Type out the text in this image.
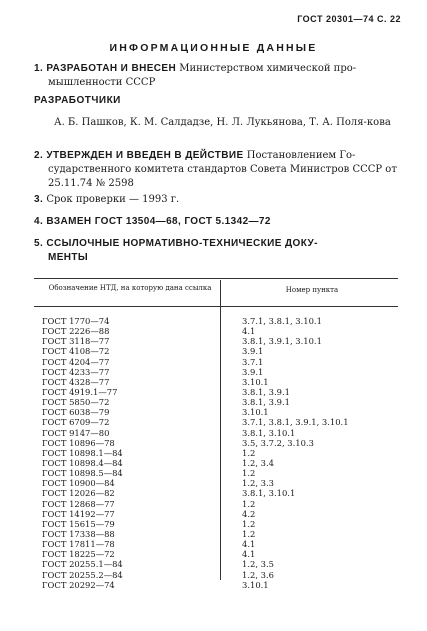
ГОСТ 20301—74 С. 22
ИНФОРМАЦИОННЫЕ ДАННЫЕ
1. РАЗРАБОТАН И ВНЕСЕН Министерством химической про-
мышленности СССР
РАЗРАБОТЧИКИ
А. Б. Пашков, К. М. Салдадзе, Н. Л. Лукьянова, Т. А. Поля-кова
2. УТВЕРЖДЕН И ВВЕДЕН В ДЕЙСТВИЕ Постановлением Го-
сударственного комитета стандартов Совета Министров СССР от 25.11.74 № 2598
3. Срок проверки — 1993 г.
4. ВЗАМЕН ГОСТ 13504—68, ГОСТ 5.1342—72
5. ССЫЛОЧНЫЕ НОРМАТИВНО-ТЕХНИЧЕСКИЕ ДОКУ-
МЕНТЫ
Обозначение НТД, на которую дана ссылка	Номер пункта
ГОСТ 1770—74	3.7.1, 3.8.1, 3.10.1
ГОСТ 2226—88	4.1
ГОСТ 3118—77	3.8.1, 3.9.1, 3.10.1
ГОСТ 4108—72	3.9.1
ГОСТ 4204—77	3.7.1
ГОСТ 4233—77	3.9.1
ГОСТ 4328—77	3.10.1
ГОСТ 4919.1—77	3.8.1, 3.9.1
ГОСТ 5850—72	3.8.1, 3.9.1
ГОСТ 6038—79	3.10.1
ГОСТ 6709—72	3.7.1, 3.8.1, 3.9.1, 3.10.1
ГОСТ 9147—80	3.8.1, 3.10.1
ГОСТ 10896—78	3.5, 3.7.2, 3.10.3
ГОСТ 10898.1—84	1.2
ГОСТ 10898.4—84	1.2, 3.4
ГОСТ 10898.5—84	1.2
ГОСТ 10900—84	1.2, 3.3
ГОСТ 12026—82	3.8.1, 3.10.1
ГОСТ 12868—77	1.2
ГОСТ 14192—77	4.2
ГОСТ 15615—79	1.2
ГОСТ 17338—88	1.2
ГОСТ 17811—78	4.1
ГОСТ 18225—72	4.1
ГОСТ 20255.1—84	1.2, 3.5
ГОСТ 20255.2—84	1.2, 3.6
ГОСТ 20292—74	3.10.1
